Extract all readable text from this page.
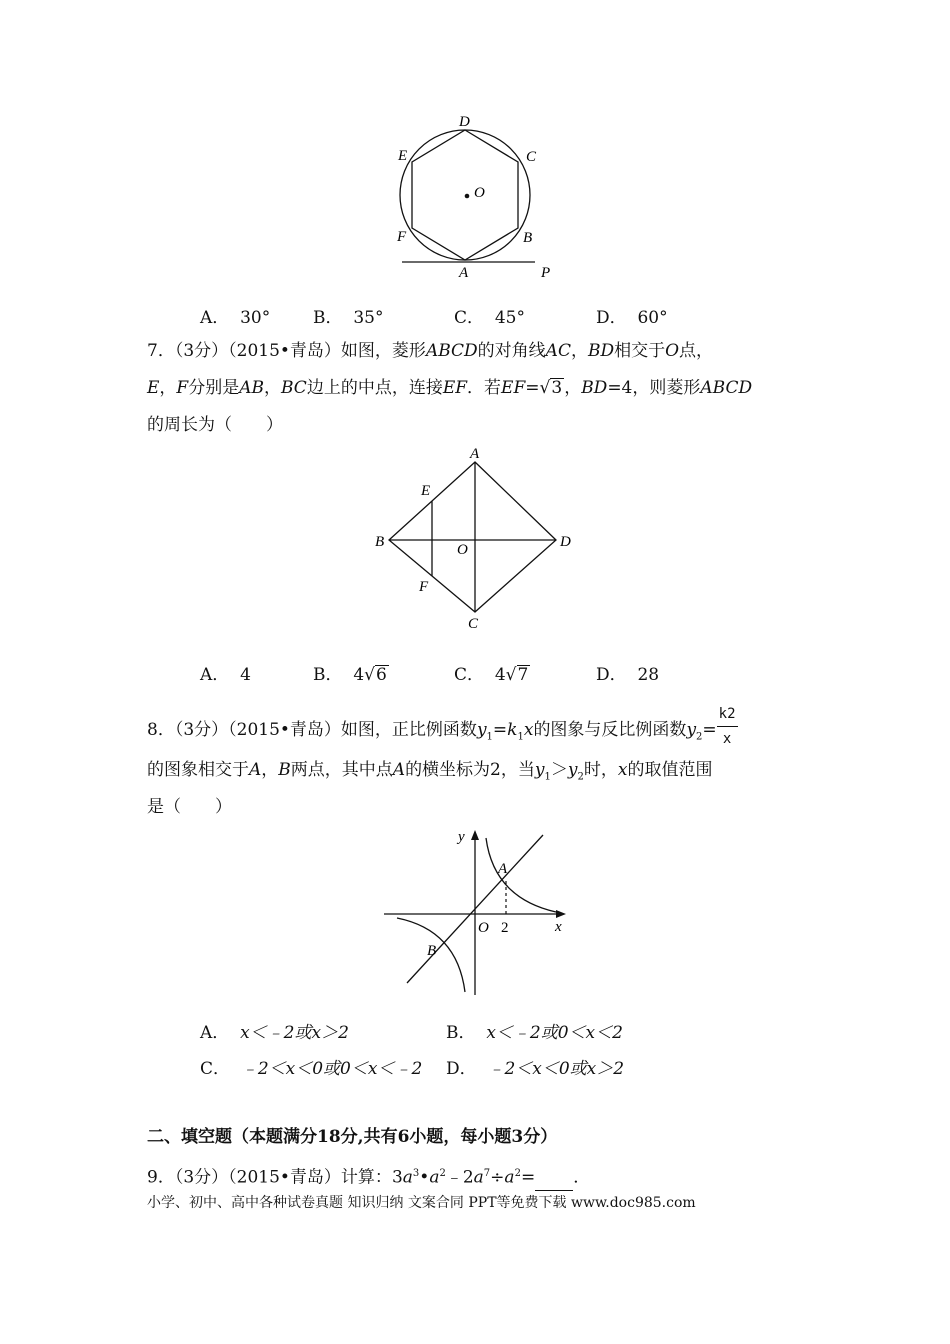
D
E	C
O
F	B
A	P
A． 30°	B． 35°	C． 45°	D． 60°
7．（3分）（2015•青岛）如图，菱形ABCD的对角线AC，BD相交于O点，
E，F分别是AB，BC边上的中点，连接EF．若EF=√3 ，BD=4，则菱形ABCD
的周长为（　　）
A
E
B	O	D
F
C
A． 4	B． 4√6	C． 4√7	D． 28
8．（3分）（2015•青岛）如图，正比例函数$y_1=k_1x$的图象与反比例函数$y_2= \frac{k2}{x}$
的图象相交于A，B两点，其中点A的横坐标为2，当$y_1>y_2$时，x的取值范围
是（　　）
y
A
O 2	x
B
A． x＜﹣2或x＞2	B． x＜﹣2或0＜x＜2
C． ﹣2＜x＜0或0＜x＜﹣2 D． ﹣2＜x＜0或x＞2
二、填空题（本题满分18分,共有6小题，每小题3分）
9．（3分）（2015•青岛）计算：$3a^3•a^2﹣2a^7\div a^2=$ ．
小学、初中、高中各种试卷真题 知识归纳 文案合同 PPT等免费下载 www.doc985.com
